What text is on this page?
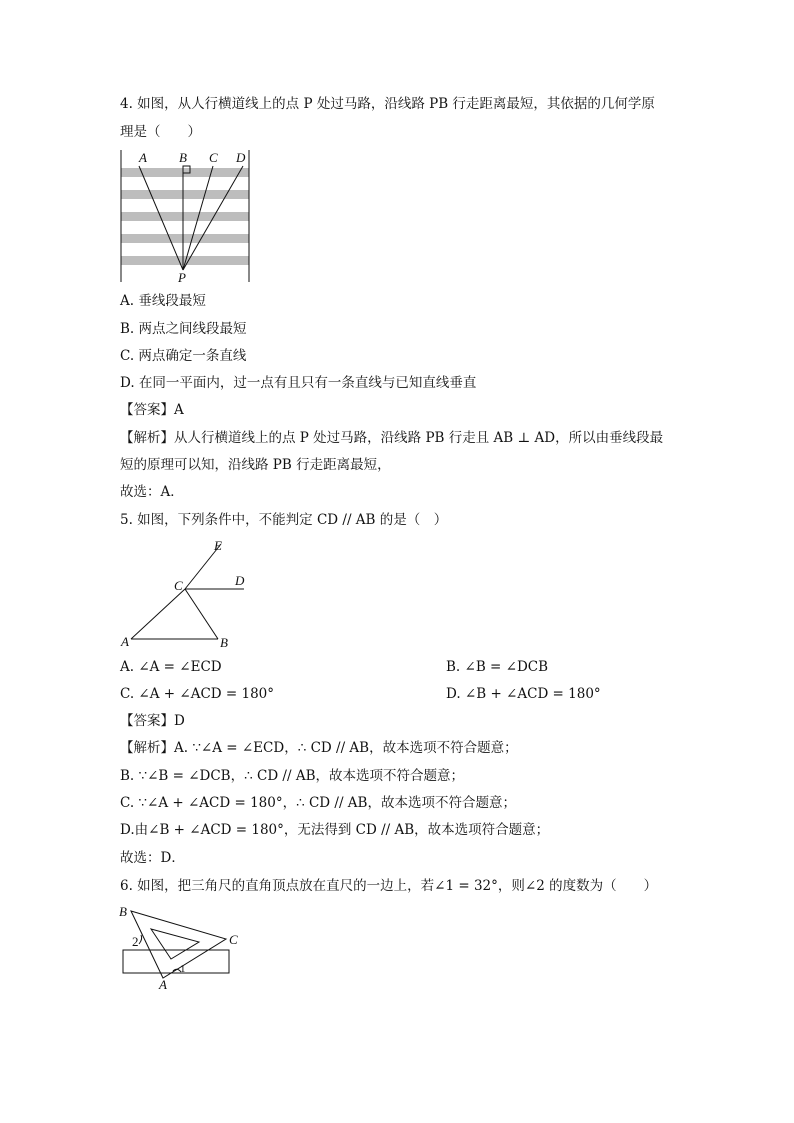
4. 如图，从人行横道线上的点 P 处过马路，沿线路 PB 行走距离最短，其依据的几何学原
理是（　　）
A B C D
P
A. 垂线段最短
B. 两点之间线段最短
C. 两点确定一条直线
D. 在同一平面内，过一点有且只有一条直线与已知直线垂直
【答案】A
【解析】从人行横道线上的点 P 处过马路，沿线路 PB 行走且 AB ⊥ AD，所以由垂线段最
短的原理可以知，沿线路 PB 行走距离最短，
故选：A．
5. 如图，下列条件中，不能判定 CD // AB 的是（　）
E
C	D
A	B
A. ∠A = ∠ECD	B. ∠B = ∠DCB
C. ∠A + ∠ACD = 180°	D. ∠B + ∠ACD = 180°
【答案】D
【解析】A. ∵∠A = ∠ECD，∴ CD // AB，故本选项不符合题意；
B. ∵∠B = ∠DCB，∴ CD // AB，故本选项不符合题意；
C. ∵∠A + ∠ACD = 180°，∴ CD // AB，故本选项不符合题意；
D.由∠B + ∠ACD = 180°，无法得到 CD // AB，故本选项符合题意；
故选：D．
6. 如图，把三角尺的直角顶点放在直尺的一边上，若∠1 = 32°，则∠2 的度数为（　　）
B
C
A
2
1
